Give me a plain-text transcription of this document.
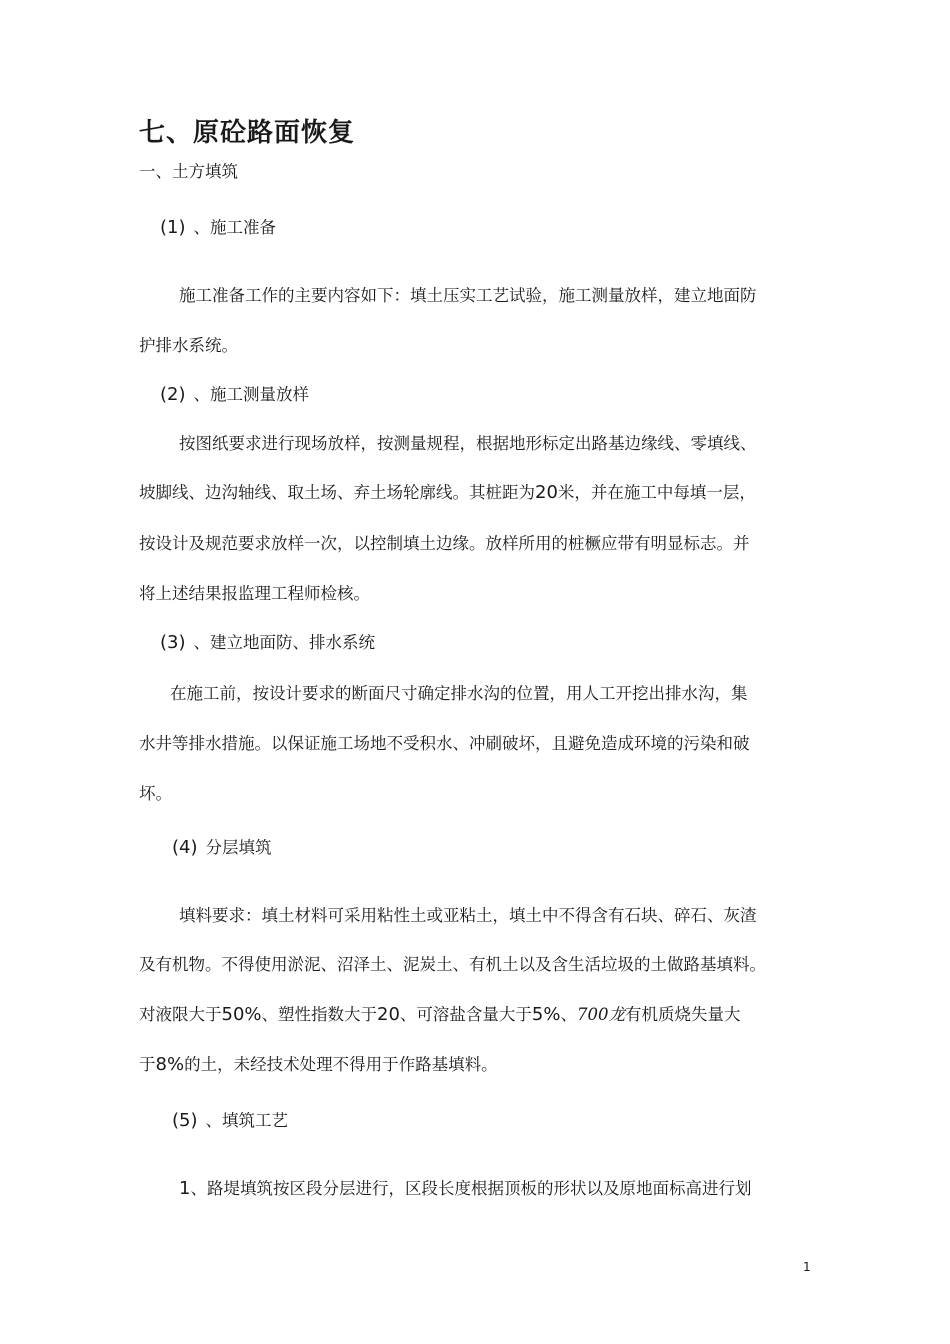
七、原砼路面恢复
一、土方填筑
(1) 、施工准备
施工准备工作的主要内容如下：填土压实工艺试验，施工测量放样，建立地面防
护排水系统。
(2) 、施工测量放样
按图纸要求进行现场放样，按测量规程，根据地形标定出路基边缘线、零填线、
坡脚线、边沟轴线、取土场、弃土场轮廓线。其桩距为20米，并在施工中每填一层，
按设计及规范要求放样一次，以控制填土边缘。放样所用的桩橛应带有明显标志。并
将上述结果报监理工程师检核。
(3) 、建立地面防、排水系统
在施工前，按设计要求的断面尺寸确定排水沟的位置，用人工开挖出排水沟，集
水井等排水措施。以保证施工场地不受积水、冲刷破坏，且避免造成环境的污染和破
坏。
(4) 分层填筑
填料要求：填土材料可采用粘性土或亚粘土，填土中不得含有石块、碎石、灰渣
及有机物。不得使用淤泥、沼泽土、泥炭土、有机土以及含生活垃圾的土做路基填料。
对液限大于50%、塑性指数大于20、可溶盐含量大于5%、700龙有机质烧失量大
于8%的土，未经技术处理不得用于作路基填料。
(5) 、填筑工艺
1、路堤填筑按区段分层进行，区段长度根据顶板的形状以及原地面标高进行划
1
